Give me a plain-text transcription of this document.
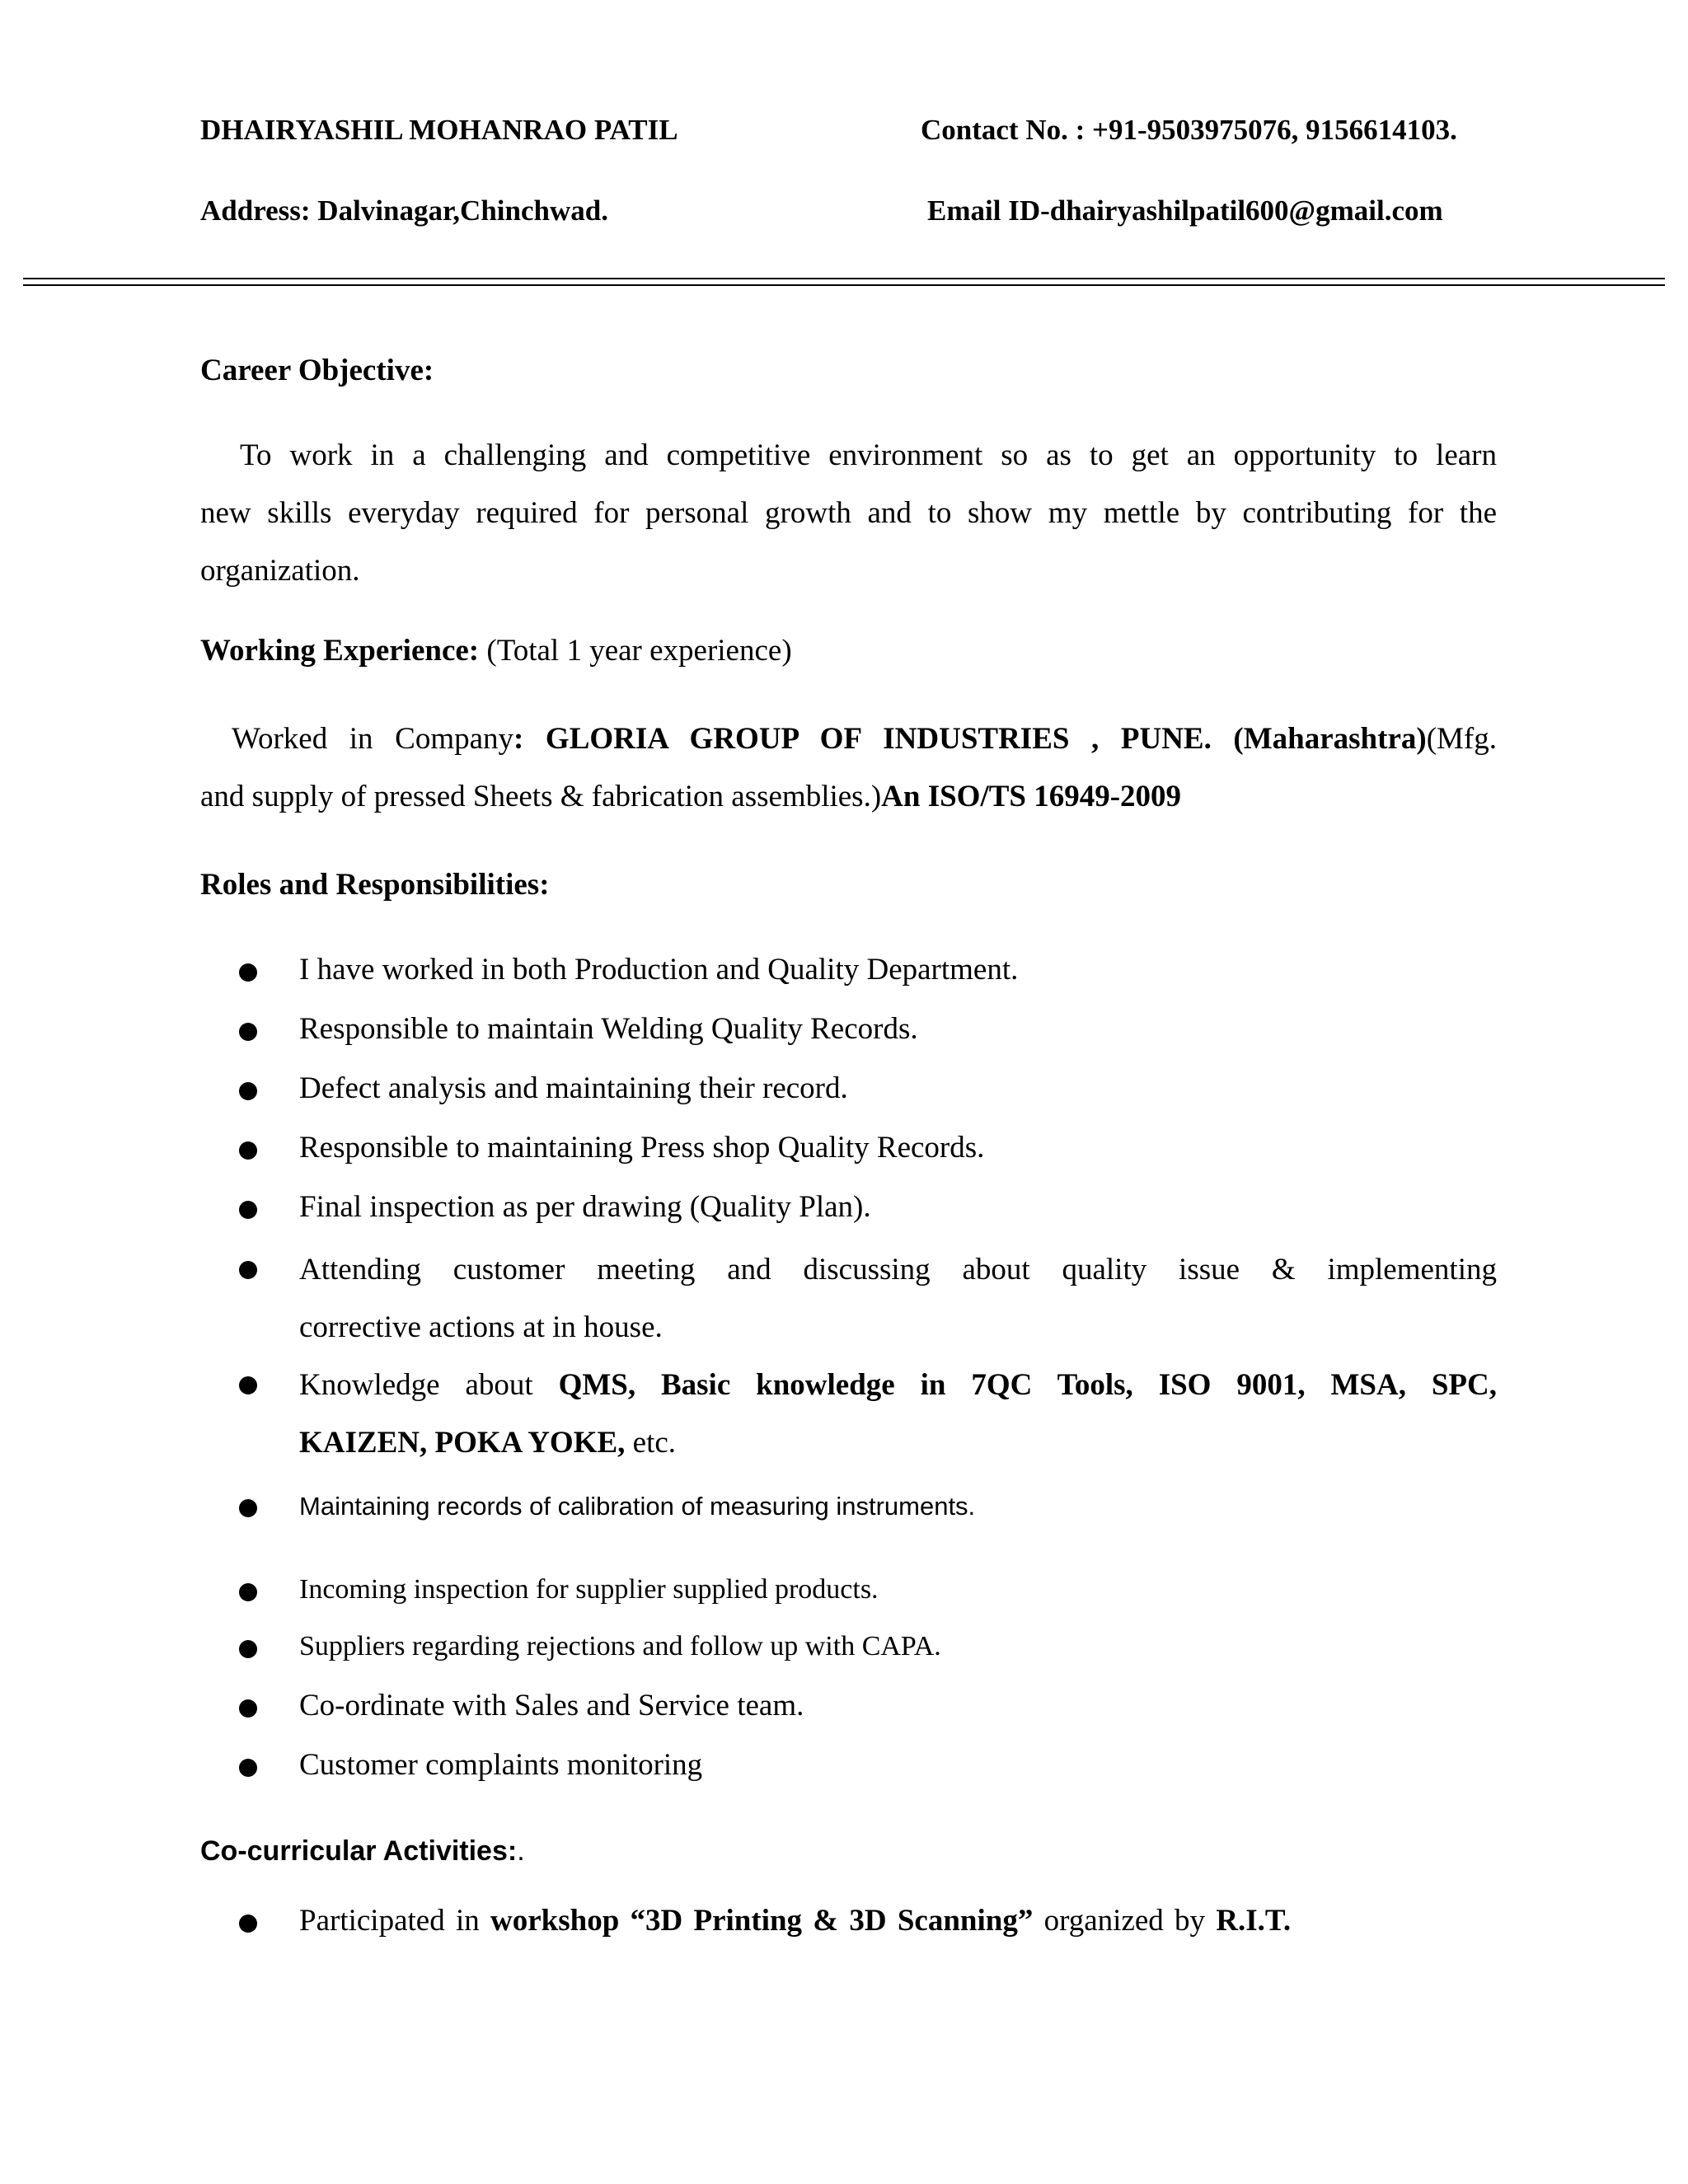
DHAIRYASHIL MOHANRAO PATIL	Contact No. : +91-9503975076, 9156614103.
Address: Dalvinagar,Chinchwad.	Email ID-dhairyashilpatil600@gmail.com
Career Objective:
To work in a challenging and competitive environment so as to get an opportunity to learn
new skills everyday required for personal growth and to show my mettle by contributing for the
organization.
Working Experience: (Total 1 year experience)
Worked in Company: GLORIA GROUP OF INDUSTRIES , PUNE. (Maharashtra)(Mfg.
and supply of pressed Sheets & fabrication assemblies.)An ISO/TS 16949-2009
Roles and Responsibilities:
I have worked in both Production and Quality Department.
Responsible to maintain Welding Quality Records.
Defect analysis and maintaining their record.
Responsible to maintaining Press shop Quality Records.
Final inspection as per drawing (Quality Plan).
Attending customer meeting and discussing about quality issue & implementing
corrective actions at in house.
Knowledge about QMS, Basic knowledge in 7QC Tools, ISO 9001, MSA, SPC,
KAIZEN, POKA YOKE, etc.
Maintaining records of calibration of measuring instruments.
Incoming inspection for supplier supplied products.
Suppliers regarding rejections and follow up with CAPA.
Co-ordinate with Sales and Service team.
Customer complaints monitoring
Co-curricular Activities:.
Participated in workshop “3D Printing & 3D Scanning” organized by R.I.T.
